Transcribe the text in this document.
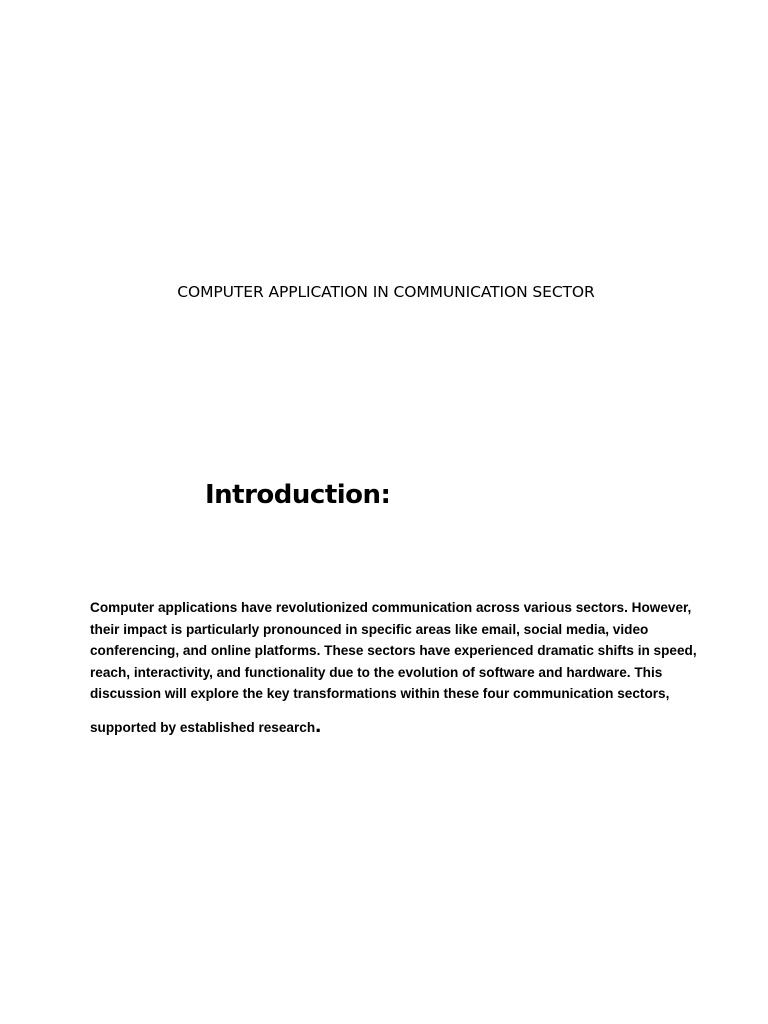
COMPUTER APPLICATION IN COMMUNICATION SECTOR
Introduction:
Computer applications have revolutionized communication across various sectors. However,
their impact is particularly pronounced in specific areas like email, social media, video
conferencing, and online platforms. These sectors have experienced dramatic shifts in speed,
reach, interactivity, and functionality due to the evolution of software and hardware. This
discussion will explore the key transformations within these four communication sectors,
supported by established research.
